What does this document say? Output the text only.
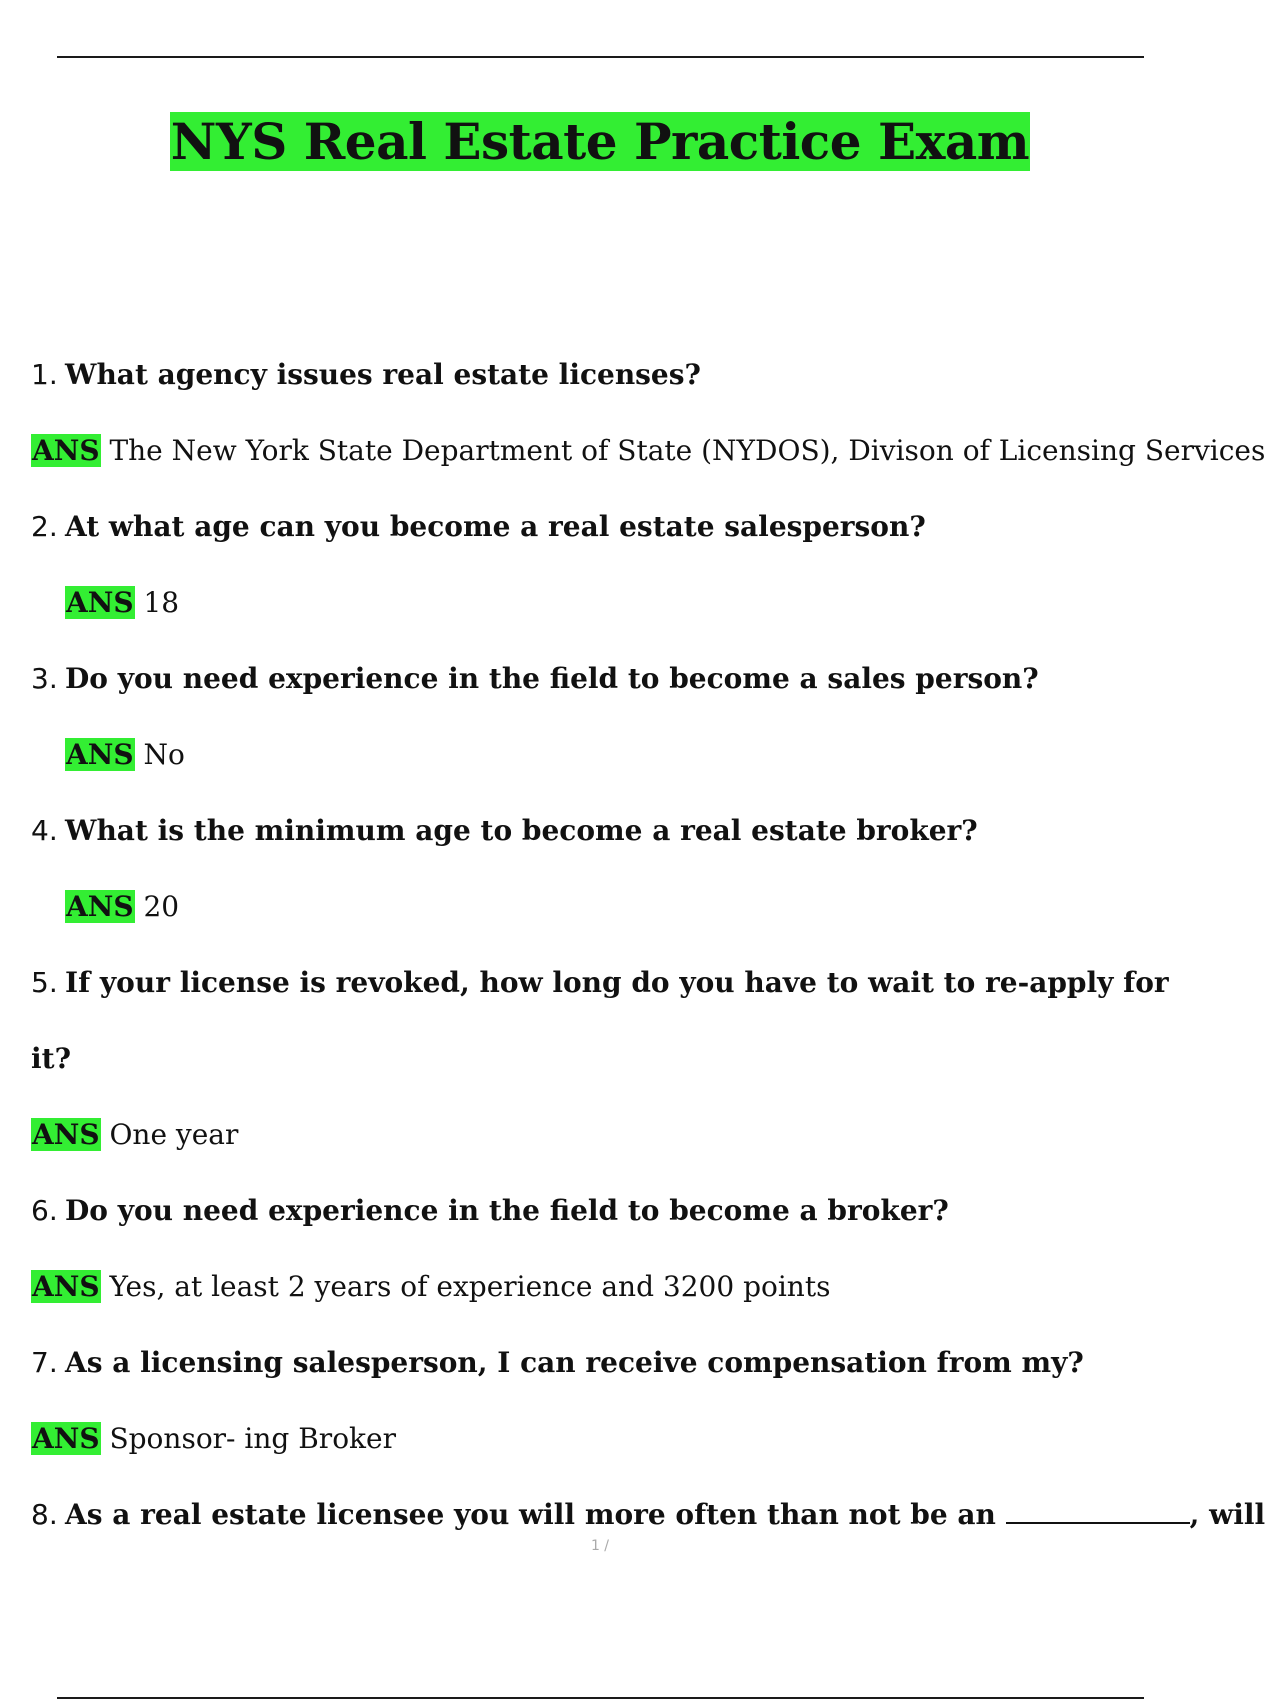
NYS Real Estate Practice Exam
1. What agency issues real estate licenses?
ANS The New York State Department of State (NYDOS), Divison of Licensing Services
2. At what age can you become a real estate salesperson?
ANS 18
3. Do you need experience in the field to become a sales person?
ANS No
4. What is the minimum age to become a real estate broker?
ANS 20
5. If your license is revoked, how long do you have to wait to re-apply for
it?
ANS One year
6. Do you need experience in the field to become a broker?
ANS Yes, at least 2 years of experience and 3200 points
7. As a licensing salesperson, I can receive compensation from my?
ANS Sponsor- ing Broker
8. As a real estate licensee you will more often than not be an	, will
1 /
